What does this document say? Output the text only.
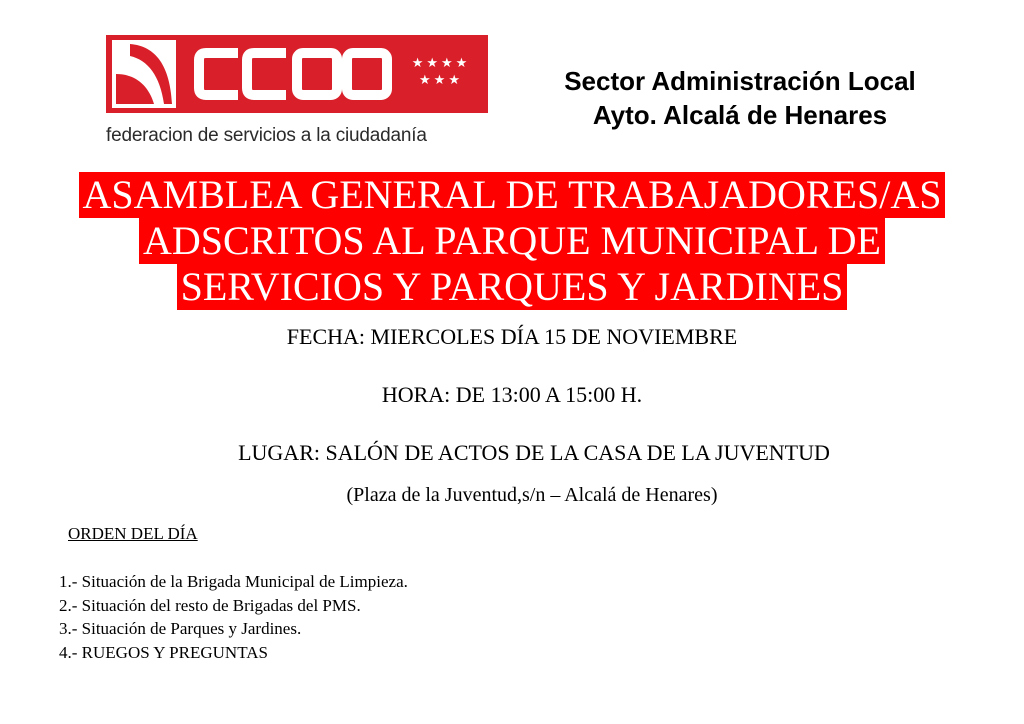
★★★★ ★★★
federacion de servicios a la ciudadanía
Sector Administración Local
Ayto. Alcalá de Henares
ASAMBLEA GENERAL DE TRABAJADORES/AS
ADSCRITOS AL PARQUE MUNICIPAL DE
SERVICIOS Y PARQUES Y JARDINES
FECHA: MIERCOLES DÍA 15 DE NOVIEMBRE
HORA: DE 13:00 A 15:00 H.
LUGAR: SALÓN DE ACTOS DE LA CASA DE LA JUVENTUD
(Plaza de la Juventud,s/n – Alcalá de Henares)
ORDEN DEL DÍA
1.- Situación de la Brigada Municipal de Limpieza.
2.- Situación del resto de Brigadas del PMS.
3.- Situación de Parques y Jardines.
4.- RUEGOS Y PREGUNTAS
